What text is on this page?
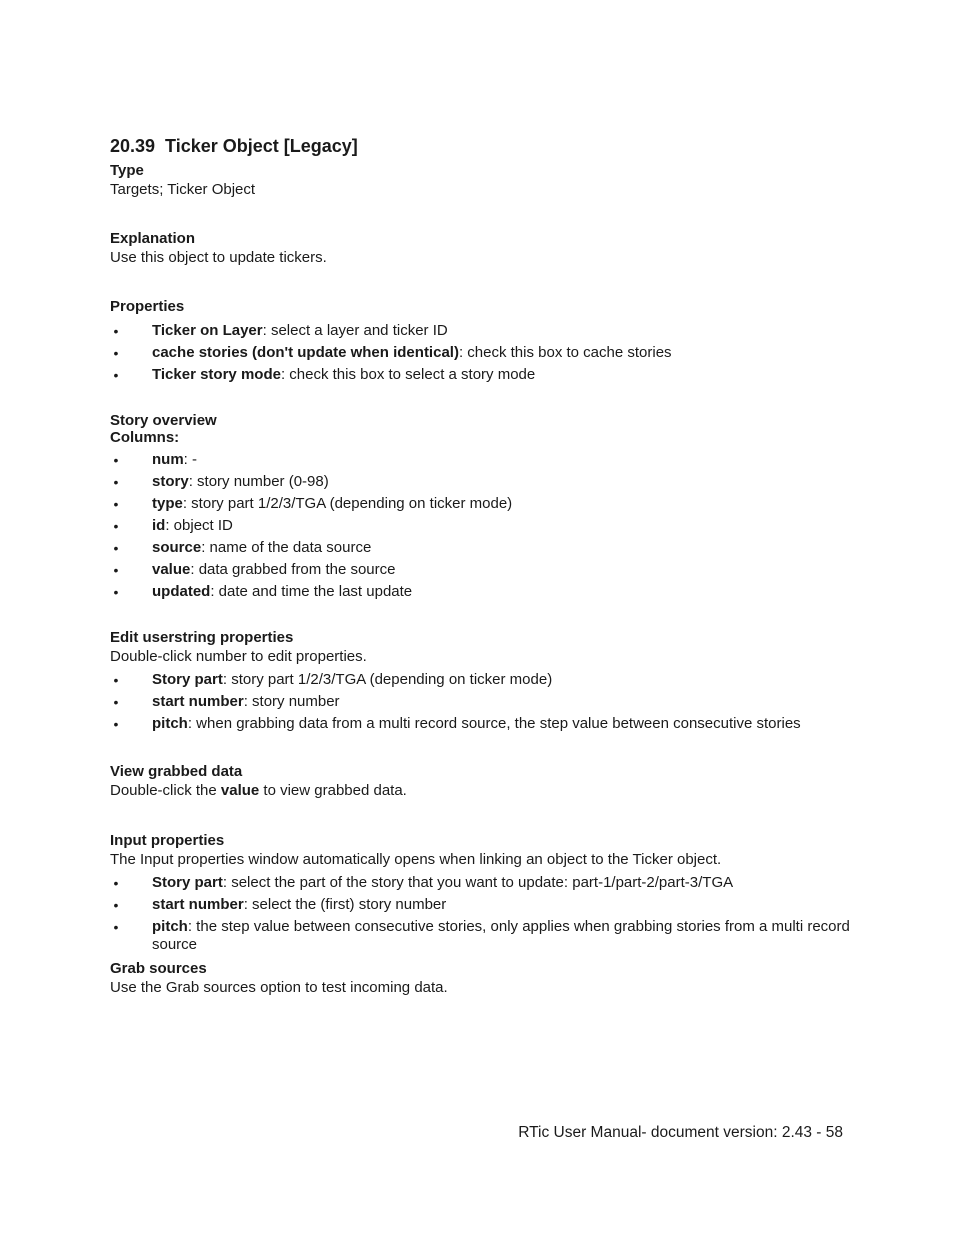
20.39 Ticker Object [Legacy]

Type

Targets; Ticker Object

Explanation

Use this object to update tickers.

Properties

• Ticker on Layer: select a layer and ticker ID
• cache stories (don't update when identical): check this box to cache stories
• Ticker story mode: check this box to select a story mode

Story overview

Columns:

• num: -
• story: story number (0-98)
• type: story part 1/2/3/TGA (depending on ticker mode)
• id: object ID
• source: name of the data source
• value: data grabbed from the source
• updated: date and time the last update

Edit userstring properties

Double-click number to edit properties.

• Story part: story part 1/2/3/TGA (depending on ticker mode)
• start number: story number
• pitch: when grabbing data from a multi record source, the step value between consecutive stories

View grabbed data

Double-click the value to view grabbed data.

Input properties

The Input properties window automatically opens when linking an object to the Ticker object.

• Story part: select the part of the story that you want to update: part-1/part-2/part-3/TGA
• start number: select the (first) story number
• pitch: the step value between consecutive stories, only applies when grabbing stories from a multi record source

Grab sources

Use the Grab sources option to test incoming data.

RTic User Manual- document version: 2.43 - 58
